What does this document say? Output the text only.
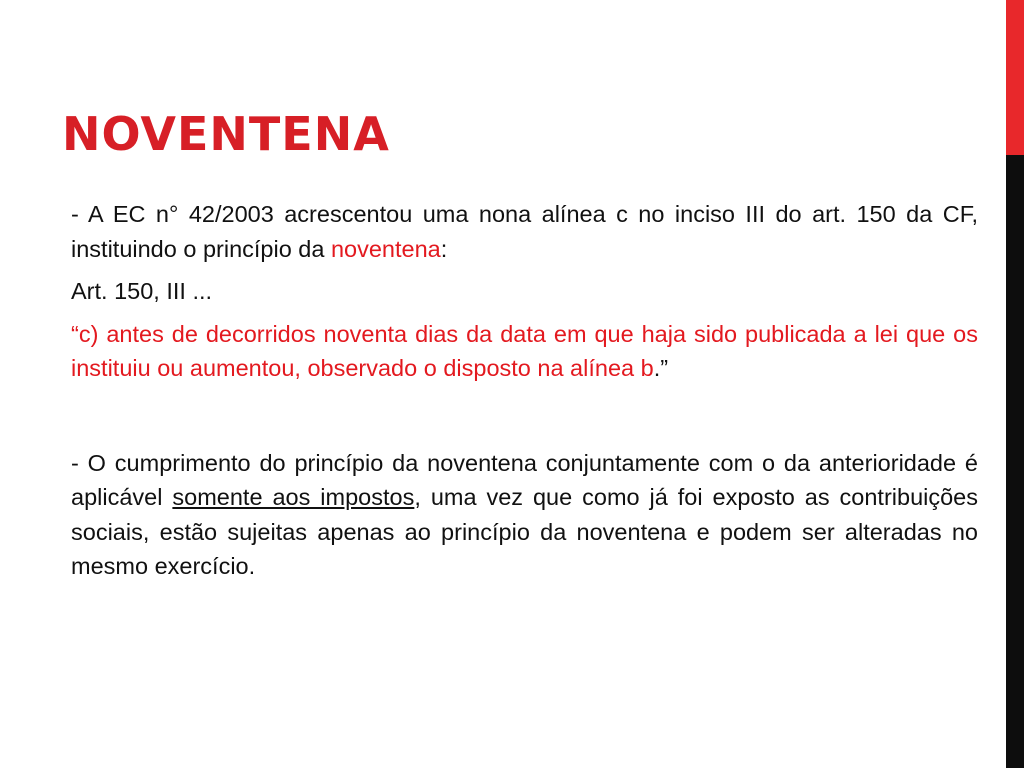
NOVENTENA

- A EC n° 42/2003 acrescentou uma nona alínea c no inciso III do art. 150 da CF, instituindo o princípio da noventena:

Art. 150, III ...

“c) antes de decorridos noventa dias da data em que haja sido publicada a lei que os instituiu ou aumentou, observado o disposto na alínea b.”

- O cumprimento do princípio da noventena conjuntamente com o da anterioridade é aplicável somente aos impostos, uma vez que como já foi exposto as contribuições sociais, estão sujeitas apenas ao princípio da noventena e podem ser alteradas no mesmo exercício.
